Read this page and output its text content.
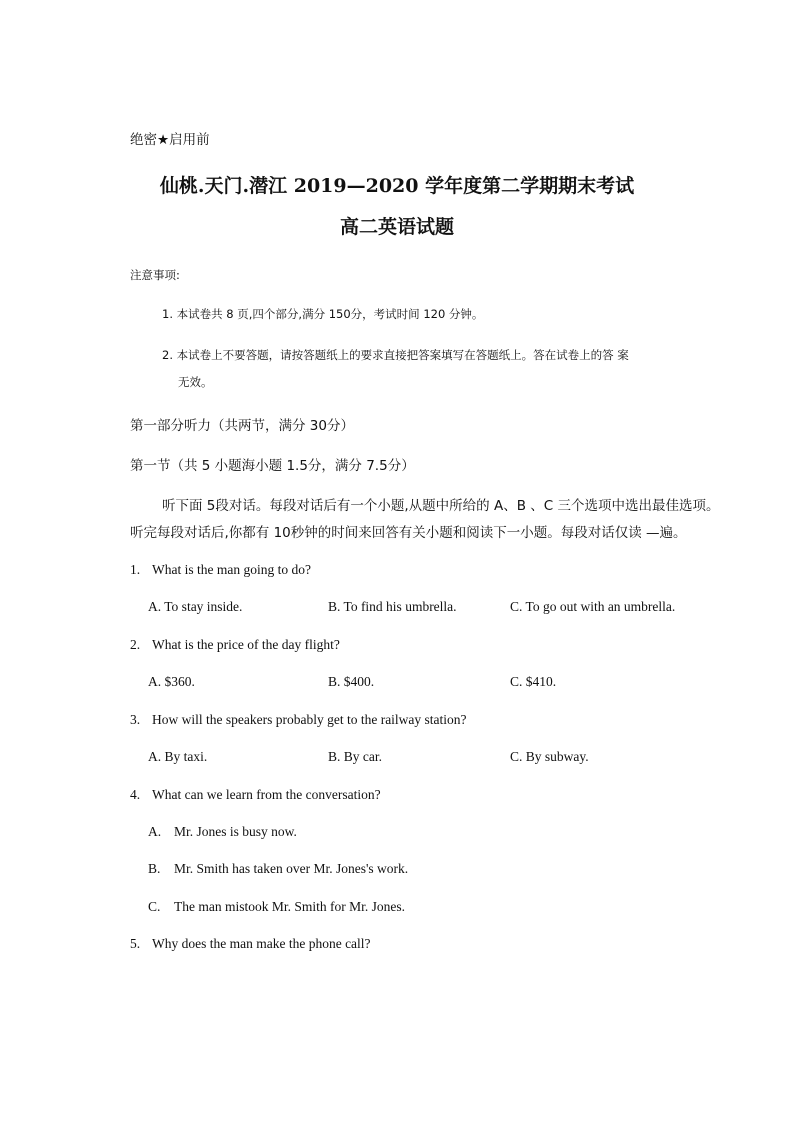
绝密★启用前
仙桃.天门.潜江 2019—2020 学年度第二学期期末考试
高二英语试题
注意事项:
1. 本试卷共 8 页,四个部分,满分 150分，考试时间 120 分钟。
2. 本试卷上不要答题，请按答题纸上的要求直接把答案填写在答题纸上。答在试卷上的答 案
无效。
第一部分听力（共两节，满分 30分）
第一节（共 5 小题海小题 1.5分，满分 7.5分）
听下面 5段对话。每段对话后有一个小题,从题中所给的 A、B 、C 三个选项中选出最佳选项。
听完每段对话后,你都有 10秒钟的时间来回答有关小题和阅读下一小题。每段对话仅读 —遍。
1. What is the man going to do?
A. To stay inside.	B. To find his umbrella.	C. To go out with an umbrella.
2. What is the price of the day flight?
A. $360.	B. $400.	C. $410.
3. How will the speakers probably get to the railway station?
A. By taxi.	B. By car.	C. By subway.
4. What can we learn from the conversation?
A. Mr. Jones is busy now.
B. Mr. Smith has taken over Mr. Jones's work.
C. The man mistook Mr. Smith for Mr. Jones.
5. Why does the man make the phone call?
